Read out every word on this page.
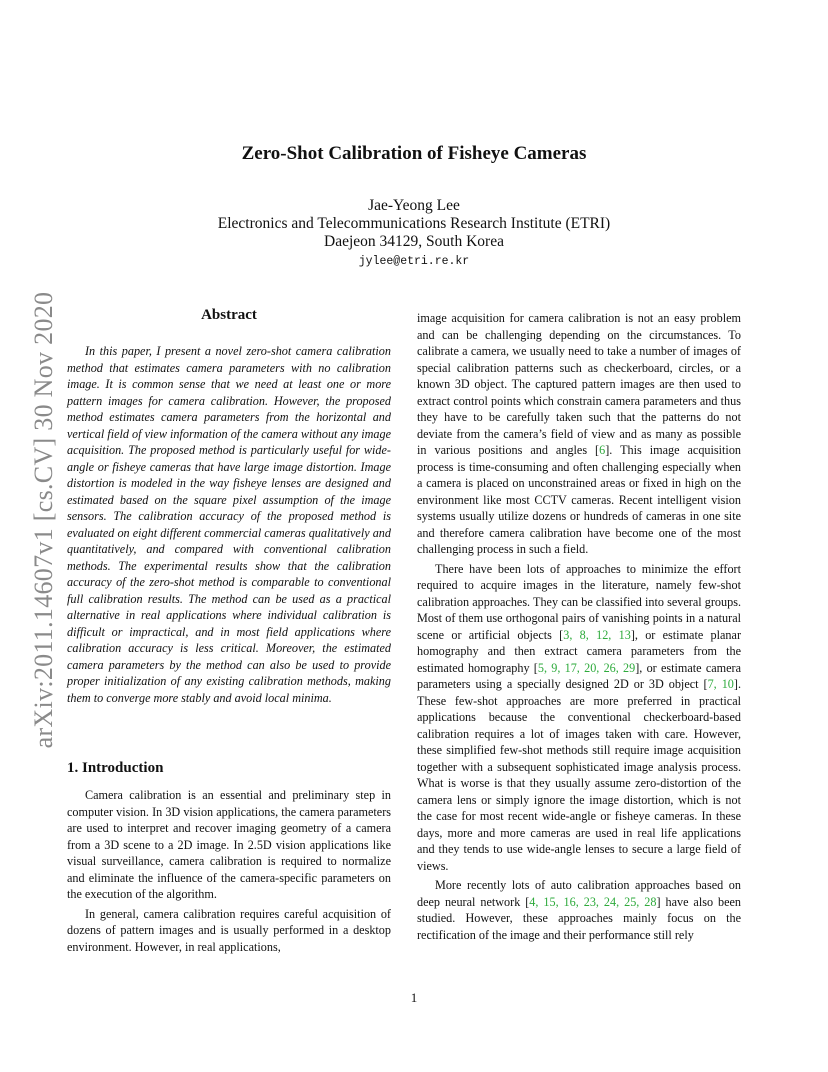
arXiv:2011.14607v1 [cs.CV] 30 Nov 2020
Zero-Shot Calibration of Fisheye Cameras
Jae-Yeong Lee
Electronics and Telecommunications Research Institute (ETRI)
Daejeon 34129, South Korea
jylee@etri.re.kr
Abstract

In this paper, I present a novel zero-shot camera calibration method that estimates camera parameters with no calibration image. It is common sense that we need at least one or more pattern images for camera calibration. However, the proposed method estimates camera parameters from the horizontal and vertical field of view information of the camera without any image acquisition. The proposed method is particularly useful for wide-angle or fisheye cameras that have large image distortion. Image distortion is modeled in the way fisheye lenses are designed and estimated based on the square pixel assumption of the image sensors. The calibration accuracy of the proposed method is evaluated on eight different commercial cameras qualitatively and quantitatively, and compared with conventional calibration methods. The experimental results show that the calibration accuracy of the zero-shot method is comparable to conventional full calibration results. The method can be used as a practical alternative in real applications where individual calibration is difficult or impractical, and in most field applications where calibration accuracy is less critical. Moreover, the estimated camera parameters by the method can also be used to provide proper initialization of any existing calibration methods, making them to converge more stably and avoid local minima.

1. Introduction

Camera calibration is an essential and preliminary step in computer vision. In 3D vision applications, the camera parameters are used to interpret and recover imaging geometry of a camera from a 3D scene to a 2D image. In 2.5D vision applications like visual surveillance, camera calibration is required to normalize and eliminate the influence of the camera-specific parameters on the execution of the algorithm.

In general, camera calibration requires careful acquisition of dozens of pattern images and is usually performed in a desktop environment. However, in real applications,

image acquisition for camera calibration is not an easy problem and can be challenging depending on the circumstances. To calibrate a camera, we usually need to take a number of images of special calibration patterns such as checkerboard, circles, or a known 3D object. The captured pattern images are then used to extract control points which constrain camera parameters and thus they have to be carefully taken such that the patterns do not deviate from the camera’s field of view and as many as possible in various positions and angles [6]. This image acquisition process is time-consuming and often challenging especially when a camera is placed on unconstrained areas or fixed in high on the environment like most CCTV cameras. Recent intelligent vision systems usually utilize dozens or hundreds of cameras in one site and therefore camera calibration have become one of the most challenging process in such a field.

There have been lots of approaches to minimize the effort required to acquire images in the literature, namely few-shot calibration approaches. They can be classified into several groups. Most of them use orthogonal pairs of vanishing points in a natural scene or artificial objects [3, 8, 12, 13], or estimate planar homography and then extract camera parameters from the estimated homography [5, 9, 17, 20, 26, 29], or estimate camera parameters using a specially designed 2D or 3D object [7, 10]. These few-shot approaches are more preferred in practical applications because the conventional checkerboard-based calibration requires a lot of images taken with care. However, these simplified few-shot methods still require image acquisition together with a subsequent sophisticated image analysis process. What is worse is that they usually assume zero-distortion of the camera lens or simply ignore the image distortion, which is not the case for most recent wide-angle or fisheye cameras. In these days, more and more cameras are used in real life applications and they tends to use wide-angle lenses to secure a large field of views.

More recently lots of auto calibration approaches based on deep neural network [4, 15, 16, 23, 24, 25, 28] have also been studied. However, these approaches mainly focus on the rectification of the image and their performance still rely

1
